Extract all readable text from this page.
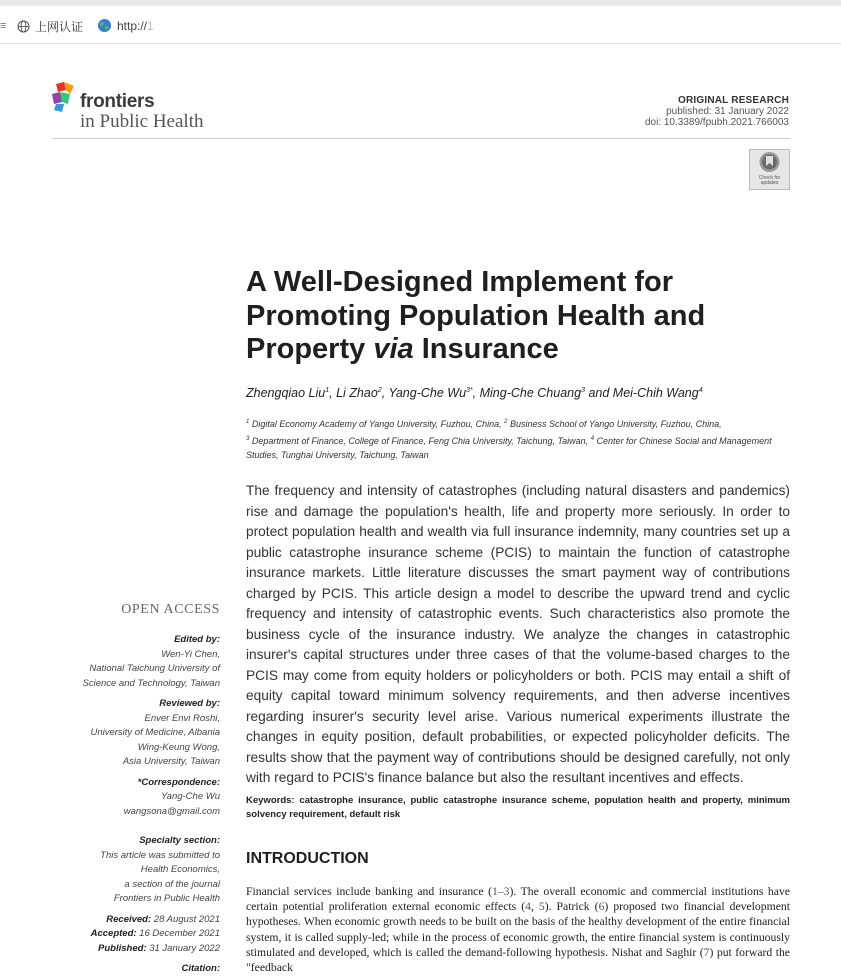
≡ 上网认证	http://1
frontiers
in Public Health
ORIGINAL RESEARCH
published: 31 January 2022
doi: 10.3389/fpubh.2021.766003
Check for updates
A Well-Designed Implement for
Promoting Population Health and
Property via Insurance
Zhengqiao Liu$^1$, Li Zhao$^2$, Yang-Che $Wu^{3*}$, Ming-Che Chuang$^3$ and Mei-Chih Wang$^4$
$^1$ Digital Economy Academy of Yango University, Fuzhou, China, $^2$ Business School of Yango University, Fuzhou, China,
$^3$ Department of Finance, College of Finance, Feng Chia University, Taichung, Taiwan, $^4$ Center for Chinese Social and Management Studies, Tunghai University, Taichung, Taiwan

The frequency and intensity of catastrophes (including natural disasters and pandemics) rise and damage the population's health, life and property more seriously. In order to protect population health and wealth via full insurance indemnity, many countries set up a public catastrophe insurance scheme (PCIS) to maintain the function of catastrophe insurance markets. Little literature discusses the smart payment way of contributions charged by PCIS. This article design a model to describe the upward trend and cyclic frequency and intensity of catastrophic events. Such characteristics also promote the business cycle of the insurance industry. We analyze the changes in catastrophic insurer's capital structures under three cases of that the volume-based charges to the PCIS may come from equity holders or policyholders or both. PCIS may entail a shift of equity capital toward minimum solvency requirements, and then adverse incentives regarding insurer's security level arise. Various numerical experiments illustrate the changes in equity position, default probabilities, or expected policyholder deficits. The results show that the payment way of contributions should be designed carefully, not only with regard to PCIS's finance balance but also the resultant incentives and effects.

Keywords: catastrophe insurance, public catastrophe insurance scheme, population health and property, minimum solvency requirement, default risk

INTRODUCTION

Financial services include banking and insurance (1–3). The overall economic and commercial institutions have certain potential proliferation external economic effects (4, 5). Patrick (6) proposed two financial development hypotheses. When economic growth needs to be built on the basis of the healthy development of the entire financial system, it is called supply-led; while in the process of economic growth, the entire financial system is continuously stimulated and developed, which is called the demand-following hypothesis. Nishat and Saghir (7) put forward the "feedback

OPEN ACCESS
Edited by:
Wen-Yi Chen,
National Taichung University of
Science and Technology, Taiwan
Reviewed by:
Enver Envi Roshi,
University of Medicine, Albania
Wing-Keung Wong,
Asia University, Taiwan
*Correspondence:
Yang-Che Wu
wangsona@gmail.com
Specialty section:
This article was submitted to
Health Economics,
a section of the journal
Frontiers in Public Health
Received: 28 August 2021
Accepted: 16 December 2021
Published: 31 January 2022
Citation:
